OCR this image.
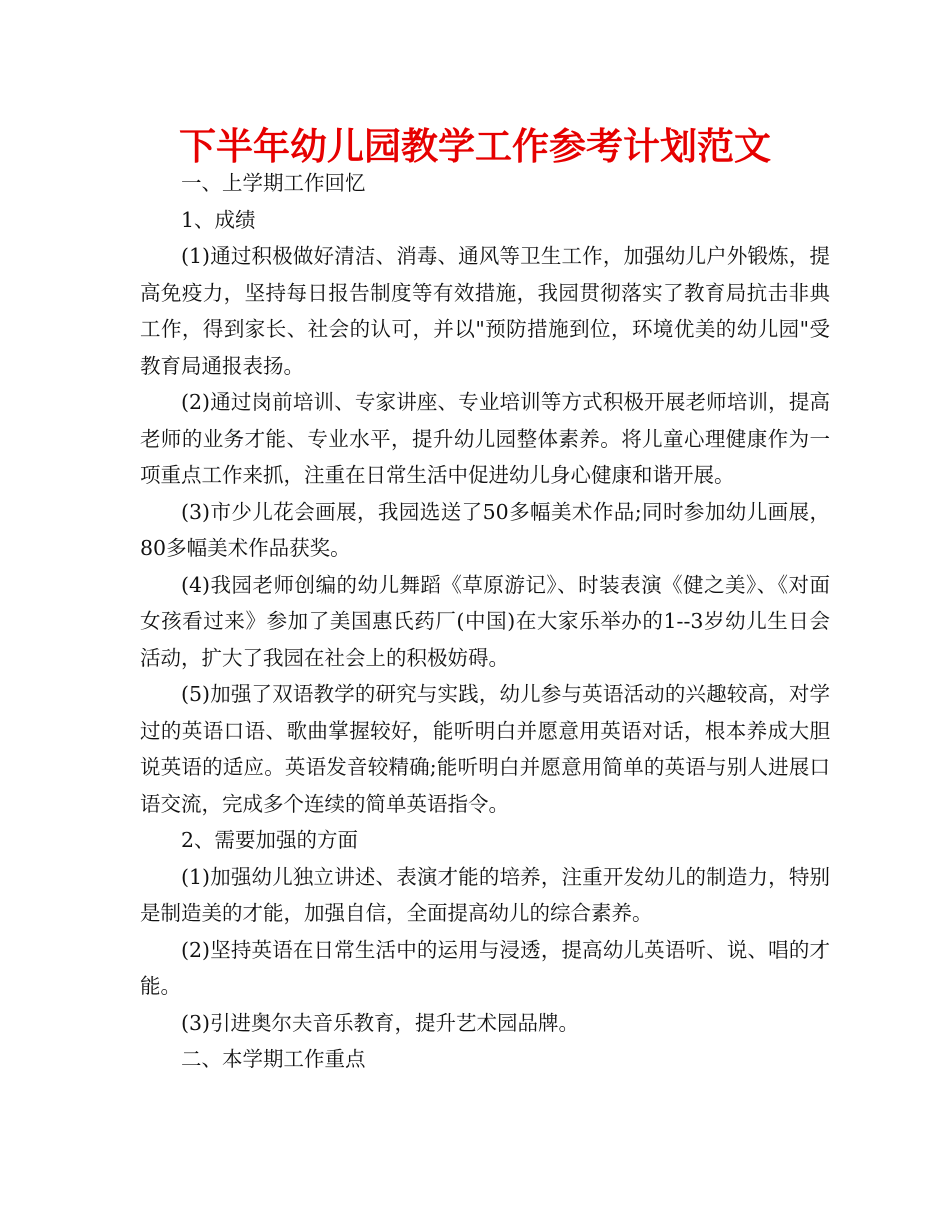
下半年幼儿园教学工作参考计划范文

一、上学期工作回忆

1、成绩

(1)通过积极做好清洁、消毒、通风等卫生工作，加强幼儿户外锻炼，提高免疫力，坚持每日报告制度等有效措施，我园贯彻落实了教育局抗击非典工作，得到家长、社会的认可，并以"预防措施到位，环境优美的幼儿园"受教育局通报表扬。

(2)通过岗前培训、专家讲座、专业培训等方式积极开展老师培训，提高老师的业务才能、专业水平，提升幼儿园整体素养。将儿童心理健康作为一项重点工作来抓，注重在日常生活中促进幼儿身心健康和谐开展。

(3)市少儿花会画展，我园选送了50多幅美术作品;同时参加幼儿画展，80多幅美术作品获奖。

(4)我园老师创编的幼儿舞蹈《草原游记》、时装表演《健之美》、《对面女孩看过来》参加了美国惠氏药厂(中国)在大家乐举办的1--3岁幼儿生日会活动，扩大了我园在社会上的积极妨碍。

(5)加强了双语教学的研究与实践，幼儿参与英语活动的兴趣较高，对学过的英语口语、歌曲掌握较好，能听明白并愿意用英语对话，根本养成大胆说英语的适应。英语发音较精确;能听明白并愿意用简单的英语与别人进展口语交流，完成多个连续的简单英语指令。

2、需要加强的方面

(1)加强幼儿独立讲述、表演才能的培养，注重开发幼儿的制造力，特别是制造美的才能，加强自信，全面提高幼儿的综合素养。

(2)坚持英语在日常生活中的运用与浸透，提高幼儿英语听、说、唱的才能。

(3)引进奥尔夫音乐教育，提升艺术园品牌。

二、本学期工作重点
